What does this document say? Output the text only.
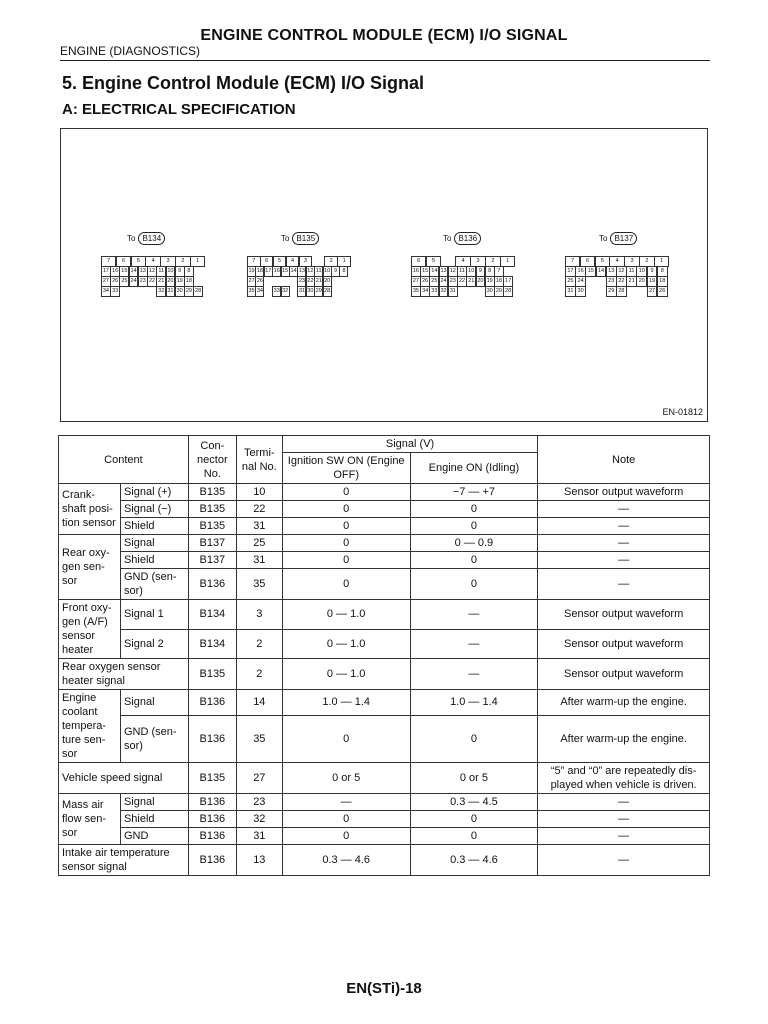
ENGINE CONTROL MODULE (ECM) I/O SIGNAL
ENGINE (DIAGNOSTICS)
5. Engine Control Module (ECM) I/O Signal
A: ELECTRICAL SPECIFICATION
To B134
7	6	5	4	3	2	1
17 16 15 14 13 12 11 10 9	8
27 26 25 24 23 22 21 20 19 18
34 33	32 31 30 29 28
To B135
7	6	5	4	3	2	1
19 18 17 16 15 14 13 12 11 10 9 8
27 26	23 22 21 20
35 34 33 32 31 30 29 28
To B136
6	5	4	3	2	1
16 15 14 13 12 11 10 9	8	7
27 26 25 24 23 22 21 20 19 18 17
35 34 33 32 31	30 29 28
To B137
7	6	5	4	3	2	1
17 16 15 14 13 12 11 10	9	8
25 24	23 22 21 20 19 18
31 30	29 28	27 26
EN-01812
Content		Con-nector No.	Termi-nal No.	Signal (V)		Note
				Ignition SW ON (Engine OFF)	Engine ON (Idling)	
Crank-shaft posi-tion sensor	Signal (+)	B135	10	0	−7 — +7	Sensor output waveform
	Signal (−)	B135	22	0	0	—
	Shield	B135	31	0	0	—
Rear oxy-gen sen-sor	Signal	B137	25	0	0 — 0.9	—
	Shield	B137	31	0	0	—
	GND (sen-sor)	B136	35	0	0	—
Front oxy-gen (A/F) sensor heater	Signal 1	B134	3	0 — 1.0	—	Sensor output waveform
	Signal 2	B134	2	0 — 1.0	—	Sensor output waveform
Rear oxygen sensor heater signal		B135	2	0 — 1.0	—	Sensor output waveform
Engine coolant tempera-ture sen-sor	Signal	B136	14	1.0 — 1.4	1.0 — 1.4	After warm-up the engine.
	GND (sen-sor)	B136	35	0	0	After warm-up the engine.
Vehicle speed signal		B135	27	0 or 5	0 or 5	“5” and “0” are repeatedly dis-played when vehicle is driven.
Mass air flow sen-sor	Signal	B136	23	—	0.3 — 4.5	—
	Shield	B136	32	0	0	—
	GND	B136	31	0	0	—
Intake air temperature sensor signal		B136	13	0.3 — 4.6	0.3 — 4.6	—
EN(STi)-18
